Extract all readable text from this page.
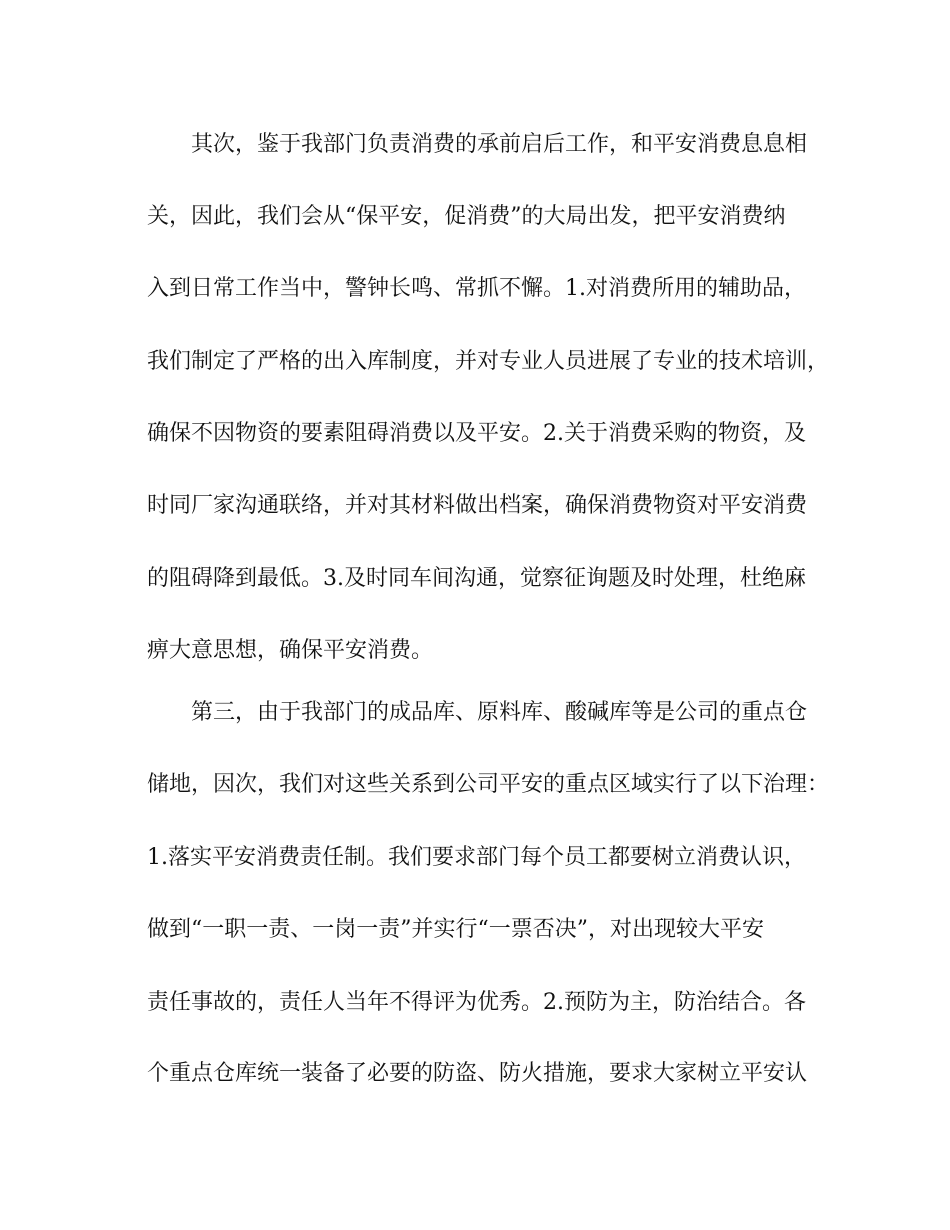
　　其次，鉴于我部门负责消费的承前启后工作，和平安消费息息相
关，因此，我们会从“保平安，促消费”的大局出发，把平安消费纳
入到日常工作当中，警钟长鸣、常抓不懈。1.对消费所用的辅助品，
我们制定了严格的出入库制度，并对专业人员进展了专业的技术培训，
确保不因物资的要素阻碍消费以及平安。2.关于消费采购的物资，及
时同厂家沟通联络，并对其材料做出档案，确保消费物资对平安消费
的阻碍降到最低。3.及时同车间沟通，觉察征询题及时处理，杜绝麻
痹大意思想，确保平安消费。
　　第三，由于我部门的成品库、原料库、酸碱库等是公司的重点仓
储地，因次，我们对这些关系到公司平安的重点区域实行了以下治理：
1.落实平安消费责任制。我们要求部门每个员工都要树立消费认识，
做到“一职一责、一岗一责”并实行“一票否决”，对出现较大平安
责任事故的，责任人当年不得评为优秀。2.预防为主，防治结合。各
个重点仓库统一装备了必要的防盗、防火措施，要求大家树立平安认
